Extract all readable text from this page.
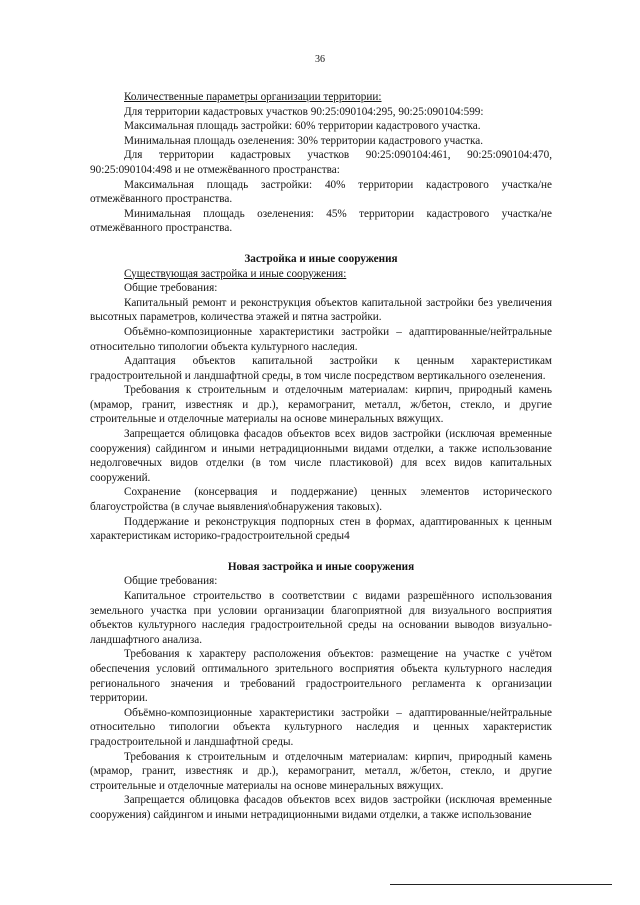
36

Количественные параметры организации территории:

Для территории кадастровых участков 90:25:090104:295, 90:25:090104:599:

Максимальная площадь застройки: 60% территории кадастрового участка.

Минимальная площадь озеленения: 30% территории кадастрового участка.

Для территории кадастровых участков 90:25:090104:461, 90:25:090104:470, 90:25:090104:498 и не отмежёванного пространства:

Максимальная площадь застройки: 40% территории кадастрового участка/не отмежёванного пространства.

Минимальная площадь озеленения: 45% территории кадастрового участка/не отмежёванного пространства.

Застройка и иные сооружения

Существующая застройка и иные сооружения:

Общие требования:

Капитальный ремонт и реконструкция объектов капитальной застройки без увеличения высотных параметров, количества этажей и пятна застройки.

Объёмно-композиционные характеристики застройки – адаптированные/нейтральные относительно типологии объекта культурного наследия.

Адаптация объектов капитальной застройки к ценным характеристикам градостроительной и ландшафтной среды, в том числе посредством вертикального озеленения.

Требования к строительным и отделочным материалам: кирпич, природный камень (мрамор, гранит, известняк и др.), керамогранит, металл, ж/бетон, стекло, и другие строительные и отделочные материалы на основе минеральных вяжущих.

Запрещается облицовка фасадов объектов всех видов застройки (исключая временные сооружения) сайдингом и иными нетрадиционными видами отделки, а также использование недолговечных видов отделки (в том числе пластиковой) для всех видов капитальных сооружений.

Сохранение (консервация и поддержание) ценных элементов исторического благоустройства (в случае выявления\обнаружения таковых).

Поддержание и реконструкция подпорных стен в формах, адаптированных к ценным характеристикам историко-градостроительной среды4

Новая застройка и иные сооружения

Общие требования:

Капитальное строительство в соответствии с видами разрешённого использования земельного участка при условии организации благоприятной для визуального восприятия объектов культурного наследия градостроительной среды на основании выводов визуально-ландшафтного анализа.

Требования к характеру расположения объектов: размещение на участке с учётом обеспечения условий оптимального зрительного восприятия объекта культурного наследия регионального значения и требований градостроительного регламента к организации территории.

Объёмно-композиционные характеристики застройки – адаптированные/нейтральные относительно типологии объекта культурного наследия и ценных характеристик градостроительной и ландшафтной среды.

Требования к строительным и отделочным материалам: кирпич, природный камень (мрамор, гранит, известняк и др.), керамогранит, металл, ж/бетон, стекло, и другие строительные и отделочные материалы на основе минеральных вяжущих.

Запрещается облицовка фасадов объектов всех видов застройки (исключая временные сооружения) сайдингом и иными нетрадиционными видами отделки, а также использование
